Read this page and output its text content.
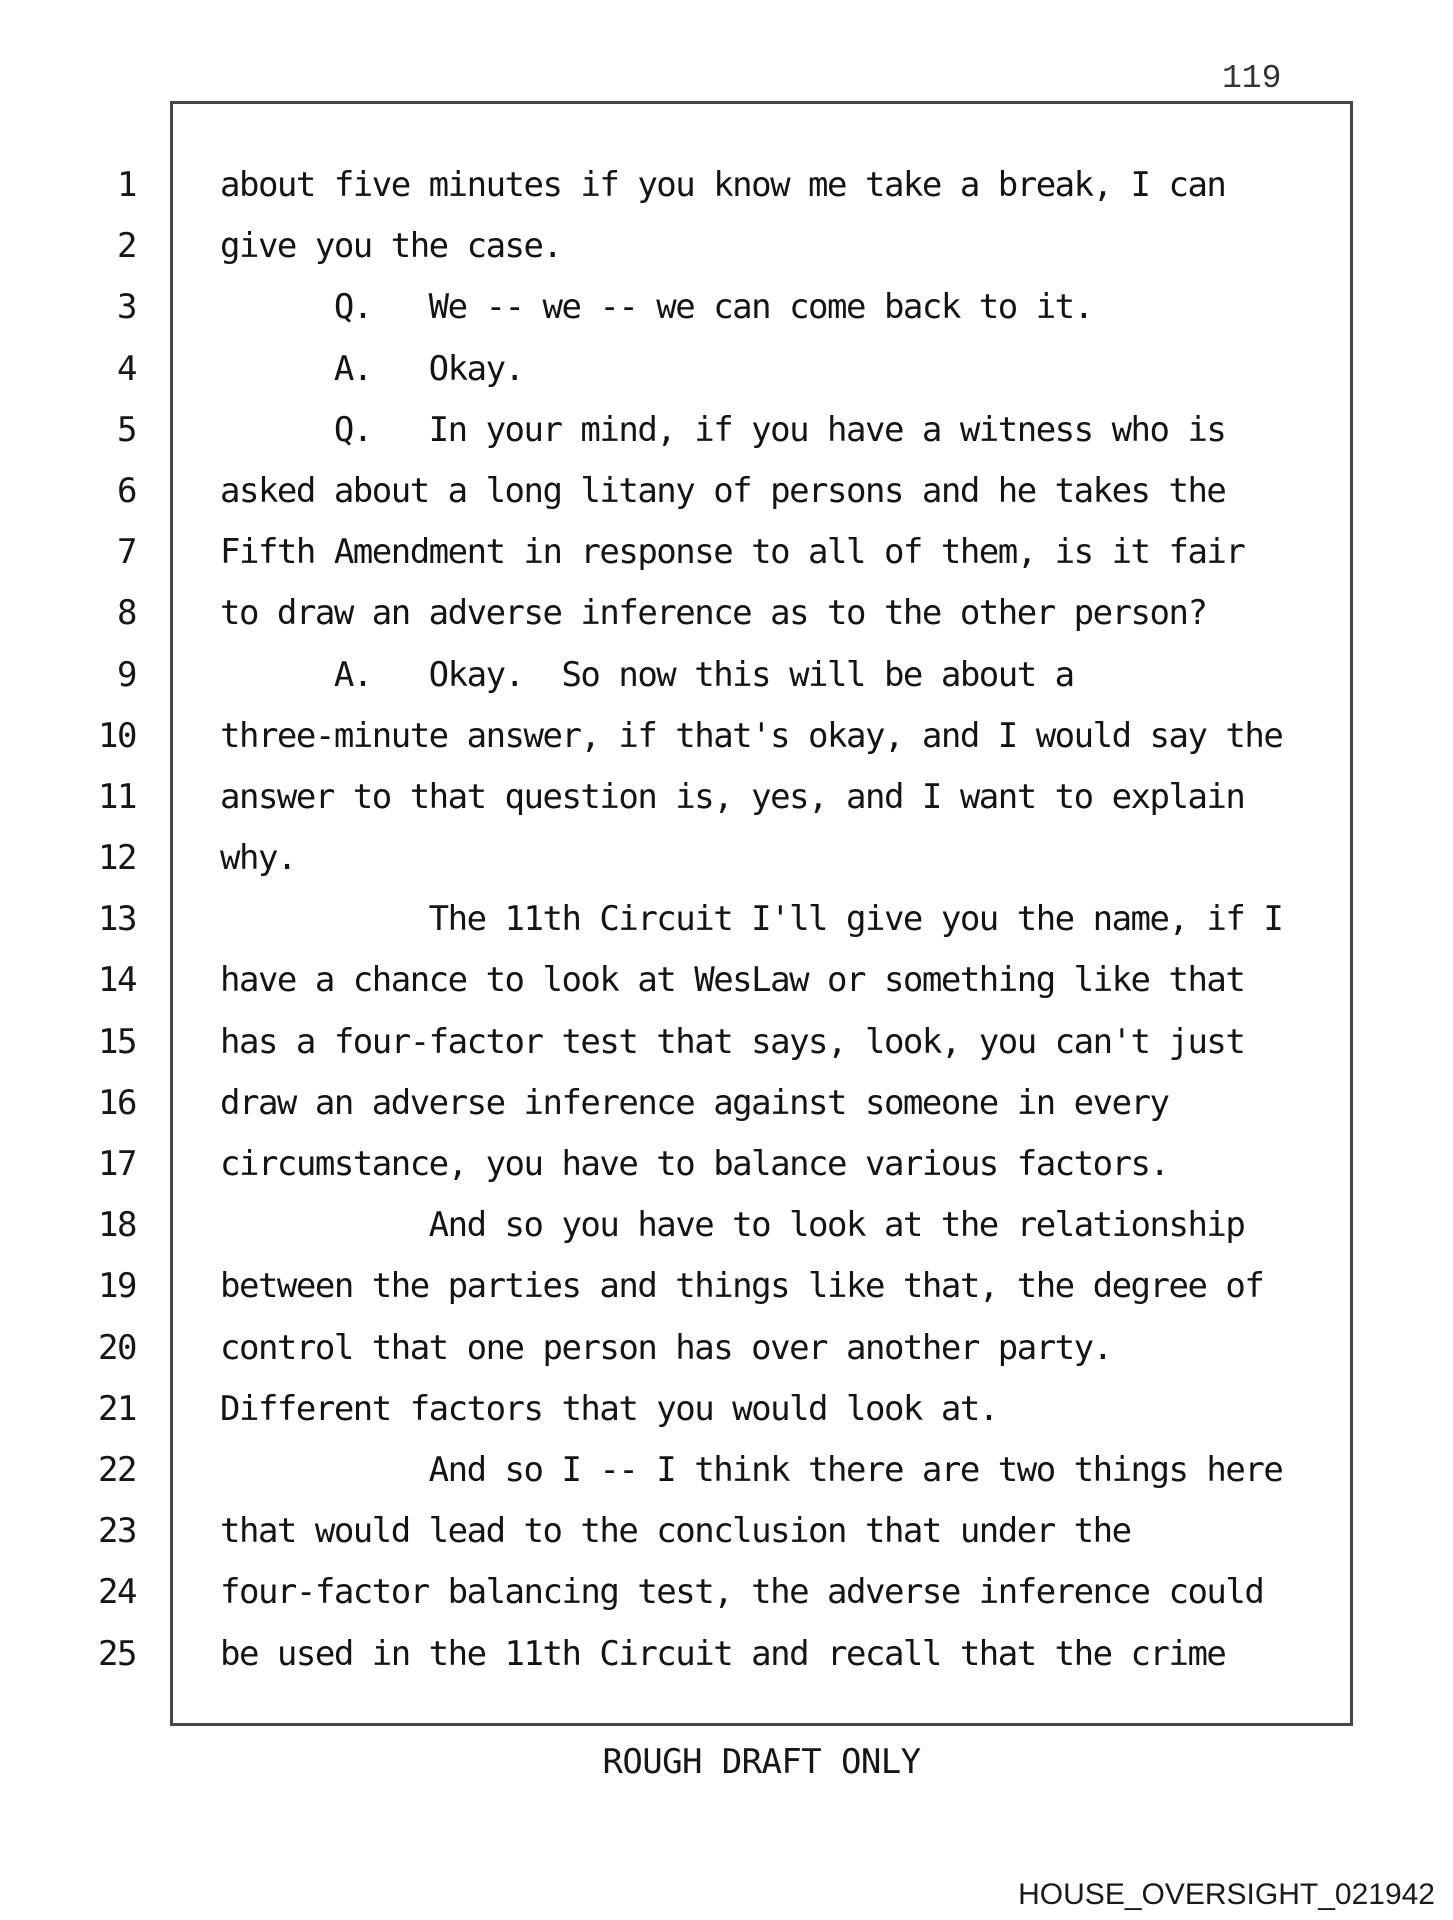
119
1 about five minutes if you know me take a break, I can
2 give you the case.
3 Q.   We -- we -- we can come back to it.
4 A.   Okay.
5 Q.   In your mind, if you have a witness who is
6 asked about a long litany of persons and he takes the
7 Fifth Amendment in response to all of them, is it fair
8 to draw an adverse inference as to the other person?
9 A.   Okay.  So now this will be about a
10 three-minute answer, if that's okay, and I would say the
11 answer to that question is, yes, and I want to explain
12 why.
13 The 11th Circuit I'll give you the name, if I
14 have a chance to look at WesLaw or something like that
15 has a four-factor test that says, look, you can't just
16 draw an adverse inference against someone in every
17 circumstance, you have to balance various factors.
18 And so you have to look at the relationship
19 between the parties and things like that, the degree of
20 control that one person has over another party.
21 Different factors that you would look at.
22 And so I -- I think there are two things here
23 that would lead to the conclusion that under the
24 four-factor balancing test, the adverse inference could
25 be used in the 11th Circuit and recall that the crime
ROUGH DRAFT ONLY
HOUSE_OVERSIGHT_021942
